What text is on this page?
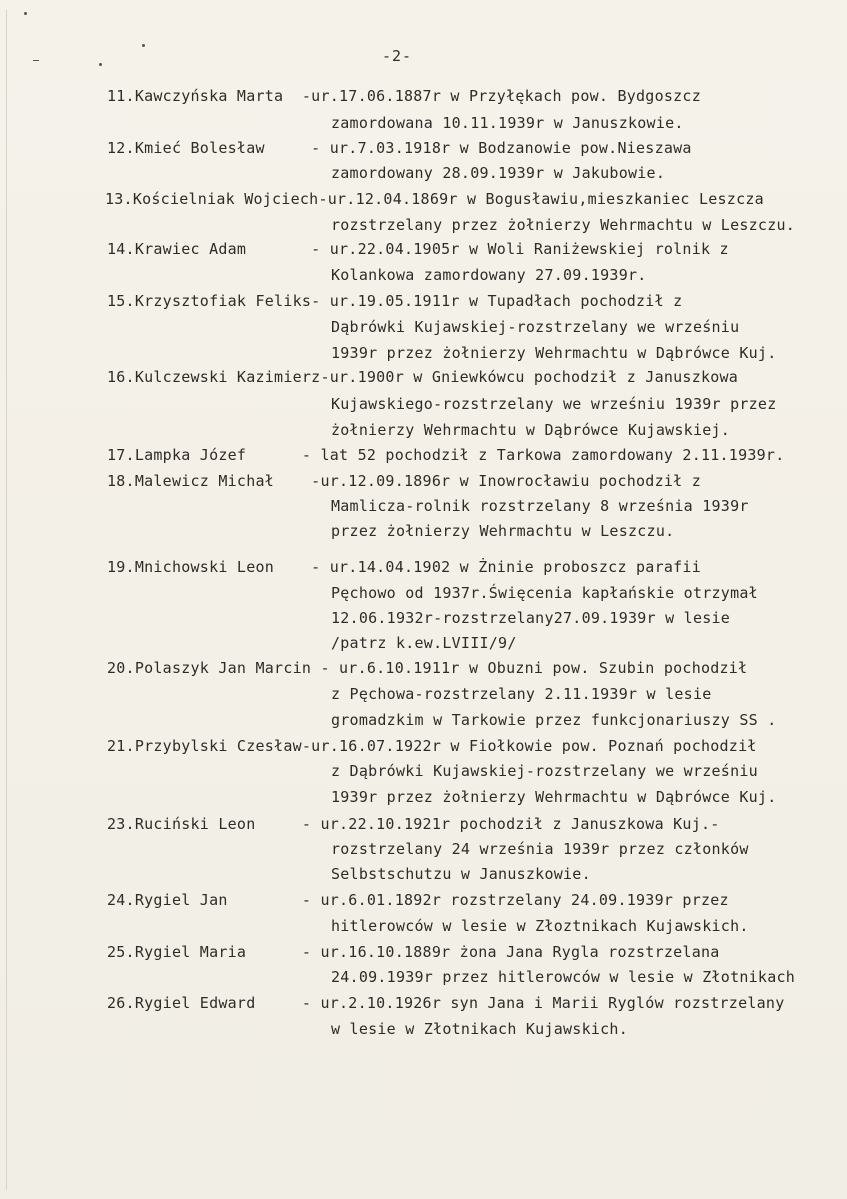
-2-
11.Kawczyńska Marta  -ur.17.06.1887r w Przyłękach pow. Bydgoszcz
zamordowana 10.11.1939r w Januszkowie.
12.Kmieć Bolesław     - ur.7.03.1918r w Bodzanowie pow.Nieszawa
zamordowany 28.09.1939r w Jakubowie.
13.Kościelniak Wojciech-ur.12.04.1869r w Bogusławiu,mieszkaniec Leszcza
rozstrzelany przez żołnierzy Wehrmachtu w Leszczu.
14.Krawiec Adam       - ur.22.04.1905r w Woli Raniżewskiej rolnik z
Kolankowa zamordowany 27.09.1939r.
15.Krzysztofiak Feliks- ur.19.05.1911r w Tupadłach pochodził z
Dąbrówki Kujawskiej-rozstrzelany we wrześniu
1939r przez żołnierzy Wehrmachtu w Dąbrówce Kuj.
16.Kulczewski Kazimierz-ur.1900r w Gniewkówcu pochodził z Januszkowa
Kujawskiego-rozstrzelany we wrześniu 1939r przez
żołnierzy Wehrmachtu w Dąbrówce Kujawskiej.
17.Lampka Józef      - lat 52 pochodził z Tarkowa zamordowany 2.11.1939r.
18.Malewicz Michał    -ur.12.09.1896r w Inowrocławiu pochodził z
Mamlicza-rolnik rozstrzelany 8 września 1939r
przez żołnierzy Wehrmachtu w Leszczu.
19.Mnichowski Leon    - ur.14.04.1902 w Żninie proboszcz parafii
Pęchowo od 1937r.Święcenia kapłańskie otrzymał
12.06.1932r-rozstrzelany27.09.1939r w lesie
/patrz k.ew.LVIII/9/
20.Polaszyk Jan Marcin - ur.6.10.1911r w Obuzni pow. Szubin pochodził
z Pęchowa-rozstrzelany 2.11.1939r w lesie
gromadzkim w Tarkowie przez funkcjonariuszy SS .
21.Przybylski Czesław-ur.16.07.1922r w Fiołkowie pow. Poznań pochodził
z Dąbrówki Kujawskiej-rozstrzelany we wrześniu
1939r przez żołnierzy Wehrmachtu w Dąbrówce Kuj.
23.Ruciński Leon     - ur.22.10.1921r pochodził z Januszkowa Kuj.-
rozstrzelany 24 września 1939r przez członków
Selbstschutzu w Januszkowie.
24.Rygiel Jan        - ur.6.01.1892r rozstrzelany 24.09.1939r przez
hitlerowców w lesie w Złoztnikach Kujawskich.
25.Rygiel Maria      - ur.16.10.1889r żona Jana Rygla rozstrzelana
24.09.1939r przez hitlerowców w lesie w Złotnikach
26.Rygiel Edward     - ur.2.10.1926r syn Jana i Marii Ryglów rozstrzelany
w lesie w Złotnikach Kujawskich.
